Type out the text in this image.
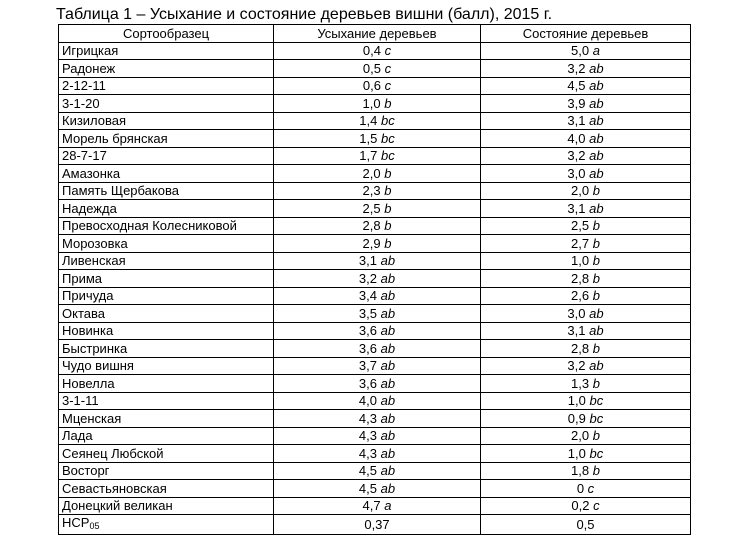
Таблица 1 – Усыхание и состояние деревьев вишни (балл), 2015 г.
Сортообразец	Усыхание деревьев	Состояние деревьев
Игрицкая	0,4 c	5,0 a
Радонеж	0,5 c	3,2 ab
2-12-11	0,6 c	4,5 ab
3-1-20	1,0 b	3,9 ab
Кизиловая	1,4 bc	3,1 ab
Морель брянская	1,5 bc	4,0 ab
28-7-17	1,7 bc	3,2 ab
Амазонка	2,0 b	3,0 ab
Память Щербакова	2,3 b	2,0 b
Надежда	2,5 b	3,1 ab
Превосходная Колесниковой	2,8 b	2,5 b
Морозовка	2,9 b	2,7 b
Ливенская	3,1 ab	1,0 b
Прима	3,2 ab	2,8 b
Причуда	3,4 ab	2,6 b
Октава	3,5 ab	3,0 ab
Новинка	3,6 ab	3,1 ab
Быстринка	3,6 ab	2,8 b
Чудо вишня	3,7 ab	3,2 ab
Новелла	3,6 ab	1,3 b
3-1-11	4,0 ab	1,0 bc
Мценская	4,3 ab	0,9 bc
Лада	4,3 ab	2,0 b
Сеянец Любской	4,3 ab	1,0 bc
Восторг	4,5 ab	1,8 b
Севастьяновская	4,5 ab	0 c
Донецкий великан	4,7 a	0,2 c
$НСР_{05}$	0,37	0,5
